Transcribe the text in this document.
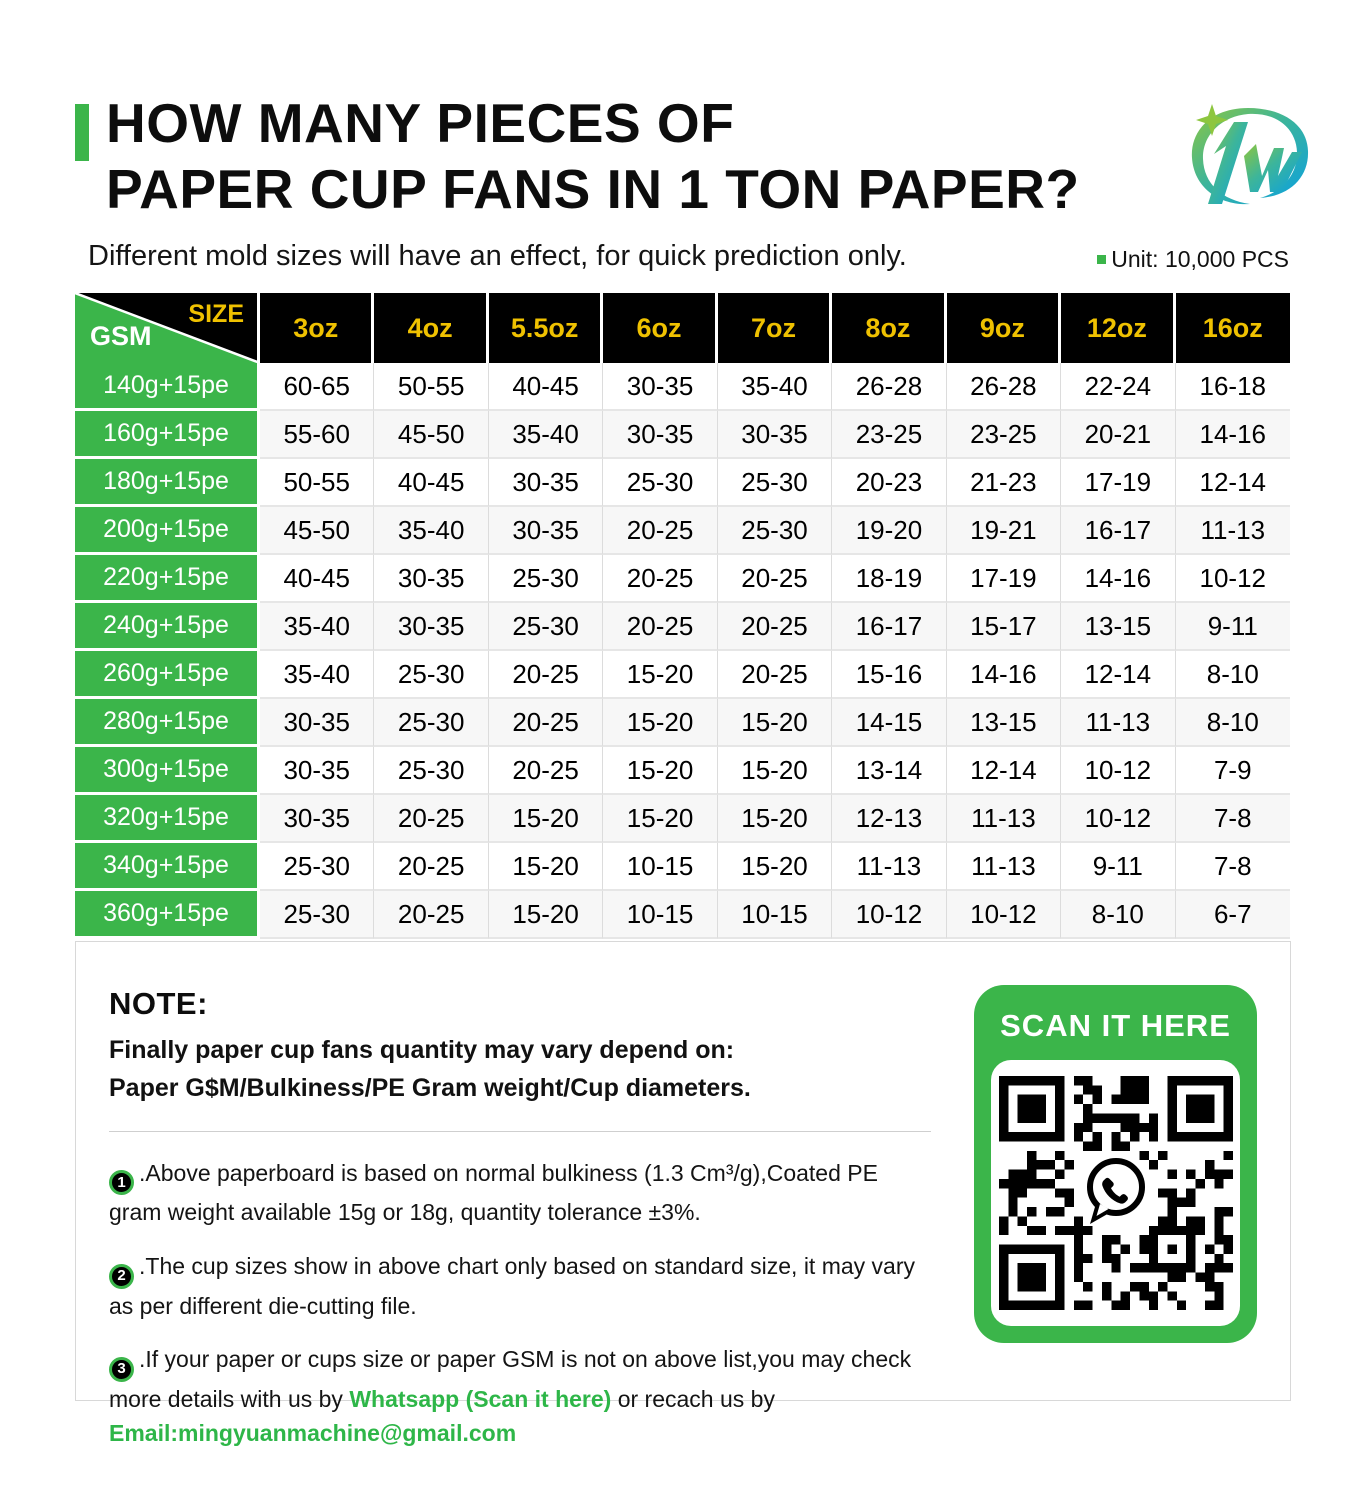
HOW MANY PIECES OF
PAPER CUP FANS IN 1 TON PAPER?
Different mold sizes will have an effect, for quick prediction only.	Unit: 10,000 PCS
SIZE
GSM	3oz	4oz	5.5oz	6oz	7oz	8oz	9oz	12oz	16oz
140g+15pe	60-65	50-55	40-45	30-35	35-40	26-28	26-28	22-24	16-18
160g+15pe	55-60	45-50	35-40	30-35	30-35	23-25	23-25	20-21	14-16
180g+15pe	50-55	40-45	30-35	25-30	25-30	20-23	21-23	17-19	12-14
200g+15pe	45-50	35-40	30-35	20-25	25-30	19-20	19-21	16-17	11-13
220g+15pe	40-45	30-35	25-30	20-25	20-25	18-19	17-19	14-16	10-12
240g+15pe	35-40	30-35	25-30	20-25	20-25	16-17	15-17	13-15	9-11
260g+15pe	35-40	25-30	20-25	15-20	20-25	15-16	14-16	12-14	8-10
280g+15pe	30-35	25-30	20-25	15-20	15-20	14-15	13-15	11-13	8-10
300g+15pe	30-35	25-30	20-25	15-20	15-20	13-14	12-14	10-12	7-9
320g+15pe	30-35	20-25	15-20	15-20	15-20	12-13	11-13	10-12	7-8
340g+15pe	25-30	20-25	15-20	10-15	15-20	11-13	11-13	9-11	7-8
360g+15pe	25-30	20-25	15-20	10-15	10-15	10-12	10-12	8-10	6-7
NOTE:
Finally paper cup fans quantity may vary depend on:
Paper G$M/Bulkiness/PE Gram weight/Cup diameters.
1 .Above paperboard is based on normal bulkiness (1.3 Cm³/g),Coated PE gram weight available 15g or 18g, quantity tolerance ±3%.
2 .The cup sizes show in above chart only based on standard size, it may vary as per different die-cutting file.
3 .If your paper or cups size or paper GSM is not on above list,you may check more details with us by Whatsapp (Scan it here) or recach us by
Email:mingyuanmachine@gmail.com
SCAN IT HERE
